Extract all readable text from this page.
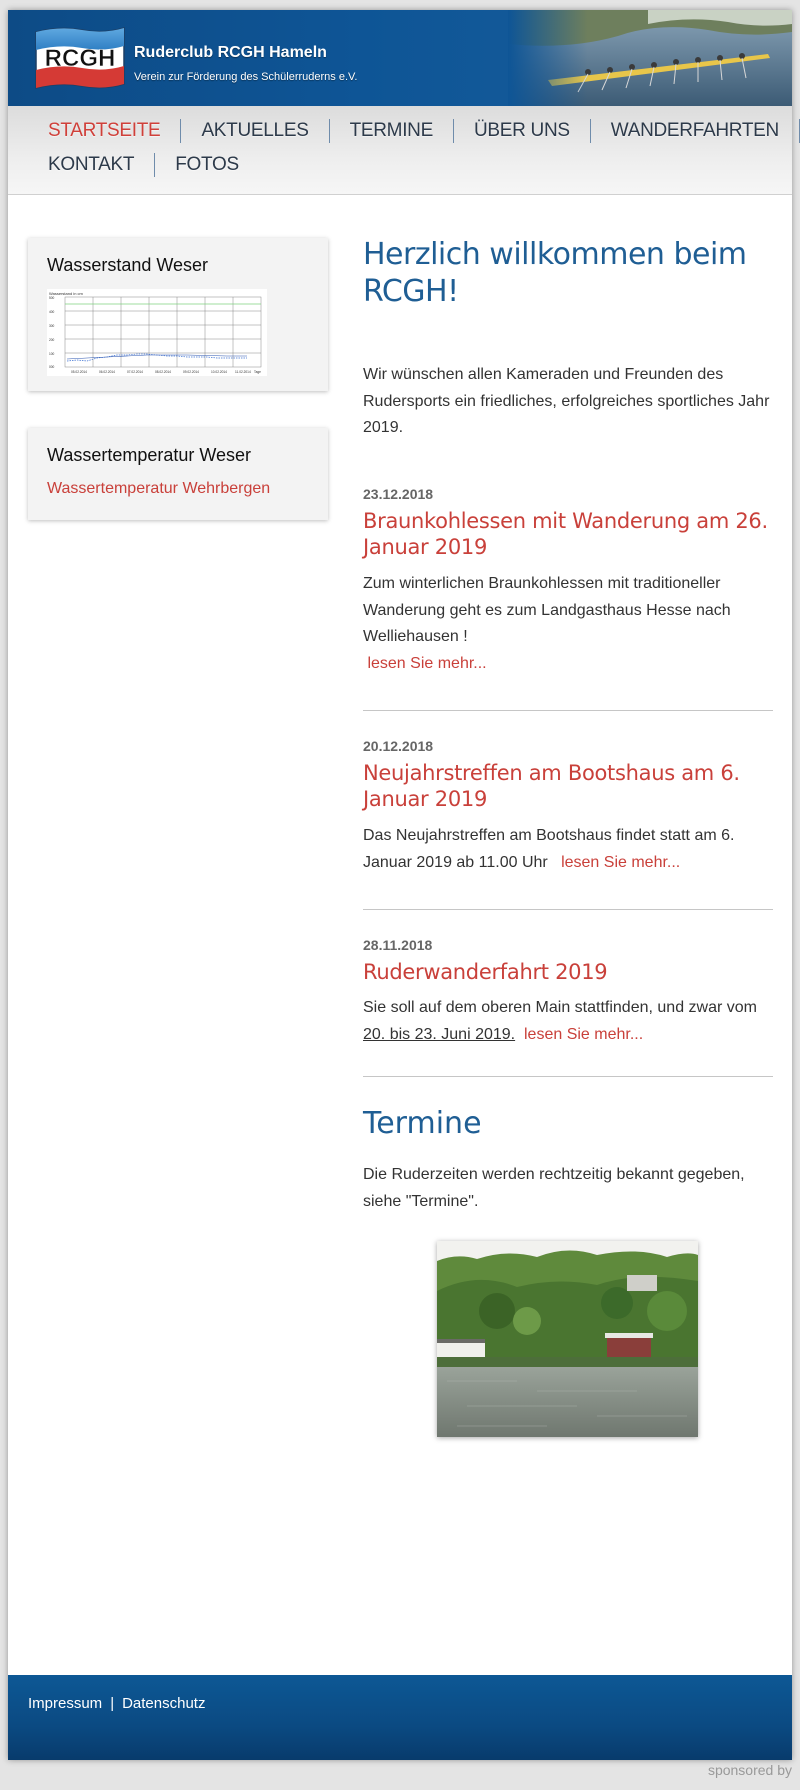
RCGH Ruderclub RCGH Hameln
Verein zur Förderung des Schülerruderns e.V.
STARTSEITE	AKTUELLES	TERMINE	ÜBER UNS	WANDERFAHRTEN
KONTAKT	FOTOS
Wasserstand Weser
Wasserstand in cm
500
400
300
200
100
000
05.02.2014	06.02.2014	07.02.2014	08.02.2014	09.02.2014	10.02.2014	11.02.2014 Tage
Wassertemperatur Weser
Wassertemperatur Wehrbergen
Herzlich willkommen beim RCGH!
Wir wünschen allen Kameraden und Freunden des Rudersports ein friedliches, erfolgreiches sportliches Jahr 2019.
23.12.2018
Braunkohlessen mit Wanderung am 26. Januar 2019
Zum winterlichen Braunkohlessen mit traditioneller Wanderung geht es zum Landgasthaus Hesse nach Welliehausen !
lesen Sie mehr...
20.12.2018
Neujahrstreffen am Bootshaus am 6. Januar 2019
Das Neujahrstreffen am Bootshaus findet statt am 6. Januar 2019 ab 11.00 Uhr lesen Sie mehr...
28.11.2018
Ruderwanderfahrt 2019
Sie soll auf dem oberen Main stattfinden, und zwar vom 20. bis 23. Juni 2019. lesen Sie mehr...
Termine
Die Ruderzeiten werden rechtzeitig bekannt gegeben, siehe "Termine".
Impressum | Datenschutz
sponsored by
